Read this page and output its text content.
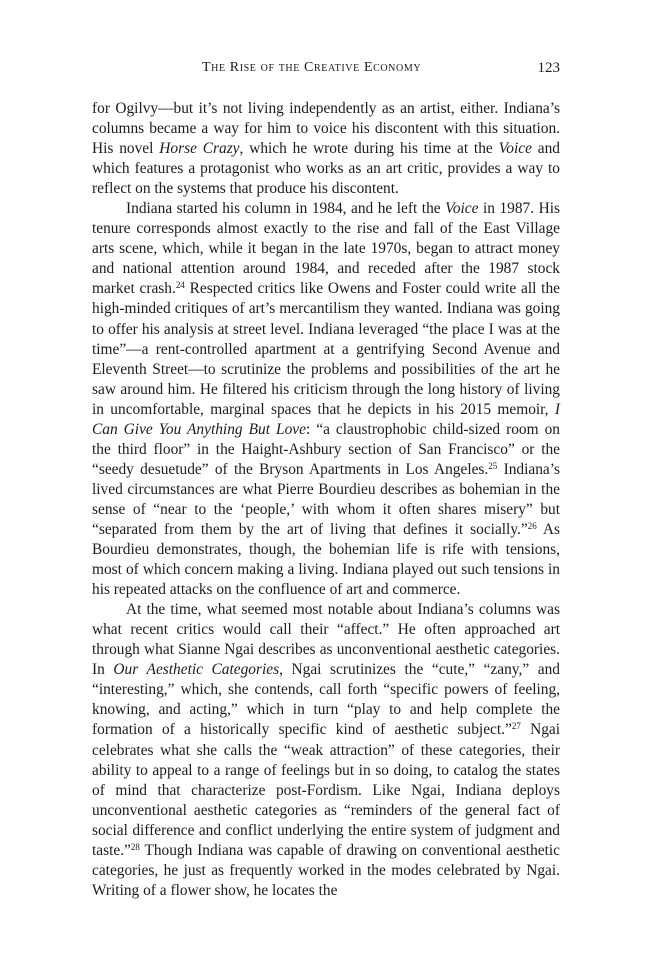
The Rise of the Creative Economy	123

for Ogilvy—but it’s not living independently as an artist, either. Indiana’s columns became a way for him to voice his discontent with this situation. His novel Horse Crazy, which he wrote during his time at the Voice and which features a protagonist who works as an art critic, provides a way to reflect on the systems that produce his discontent.

Indiana started his column in 1984, and he left the Voice in 1987. His tenure corresponds almost exactly to the rise and fall of the East Village arts scene, which, while it began in the late 1970s, began to attract money and national attention around 1984, and receded after the 1987 stock market crash.$^{24}$ Respected critics like Owens and Foster could write all the high-minded critiques of art’s mercantilism they wanted. Indiana was going to offer his analysis at street level. Indiana leveraged “the place I was at the time”—a rent-controlled apartment at a gentrifying Second Avenue and Eleventh Street—to scrutinize the problems and possibilities of the art he saw around him. He filtered his criticism through the long history of living in uncomfortable, marginal spaces that he depicts in his 2015 memoir, I Can Give You Anything But Love: “a claustrophobic child-sized room on the third floor” in the Haight-Ashbury section of San Francisco” or the “seedy desuetude” of the Bryson Apartments in Los Angeles.$^{25}$ Indiana’s lived circumstances are what Pierre Bourdieu describes as bohemian in the sense of “near to the ‘people,’ with whom it often shares misery” but “separated from them by the art of living that defines it socially.”$^{26}$ As Bourdieu demonstrates, though, the bohemian life is rife with tensions, most of which concern making a living. Indiana played out such tensions in his repeated attacks on the confluence of art and commerce.

At the time, what seemed most notable about Indiana’s columns was what recent critics would call their “affect.” He often approached art through what Sianne Ngai describes as unconventional aesthetic categories. In Our Aesthetic Categories, Ngai scrutinizes the “cute,” “zany,” and “interesting,” which, she contends, call forth “specific powers of feeling, knowing, and acting,” which in turn “play to and help complete the formation of a historically specific kind of aesthetic subject.”$^{27}$ Ngai celebrates what she calls the “weak attraction” of these categories, their ability to appeal to a range of feelings but in so doing, to catalog the states of mind that characterize post-Fordism. Like Ngai, Indiana deploys unconventional aesthetic categories as “reminders of the general fact of social difference and conflict underlying the entire system of judgment and taste.”$^{28}$ Though Indiana was capable of drawing on conventional aesthetic categories, he just as frequently worked in the modes celebrated by Ngai. Writing of a flower show, he locates the
